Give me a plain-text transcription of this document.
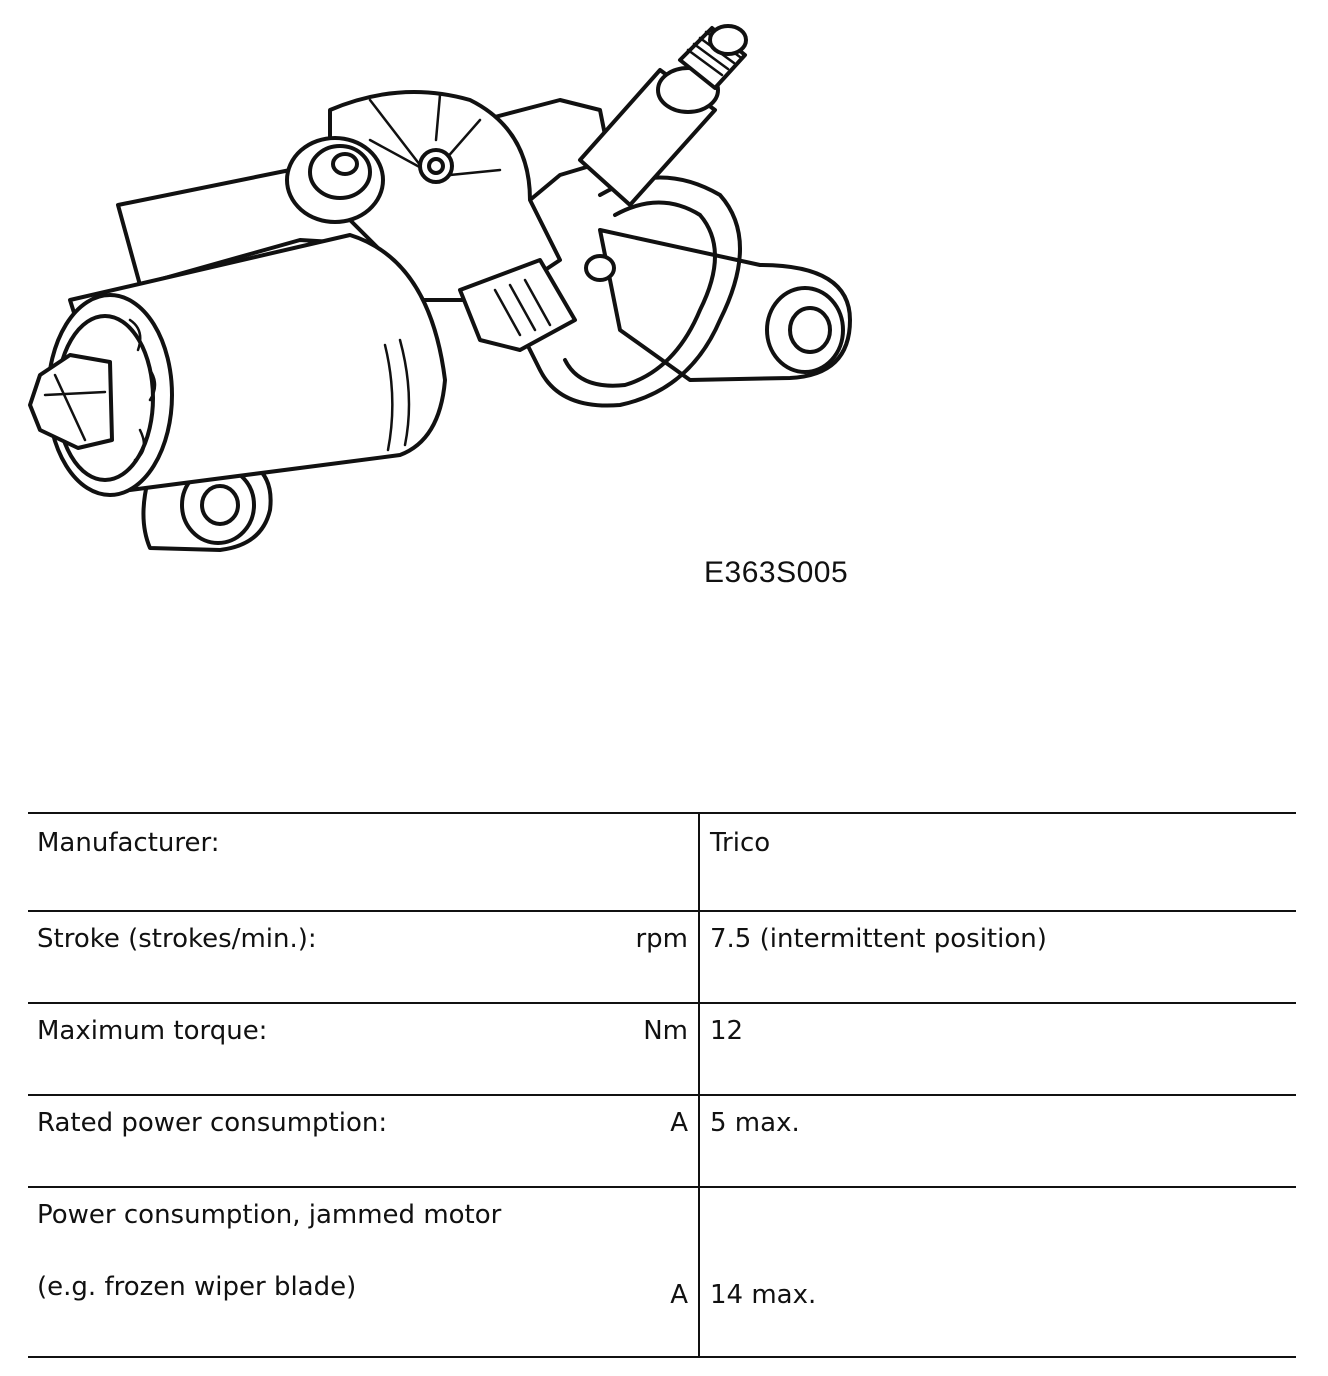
E363S005
Manufacturer:	Trico
Stroke (strokes/min.):	rpm 7.5 (intermittent position)
Maximum torque:	Nm 12
Rated power consumption:	A 5 max.
Power consumption, jammed motor
(e.g. frozen wiper blade)	A 14 max.
